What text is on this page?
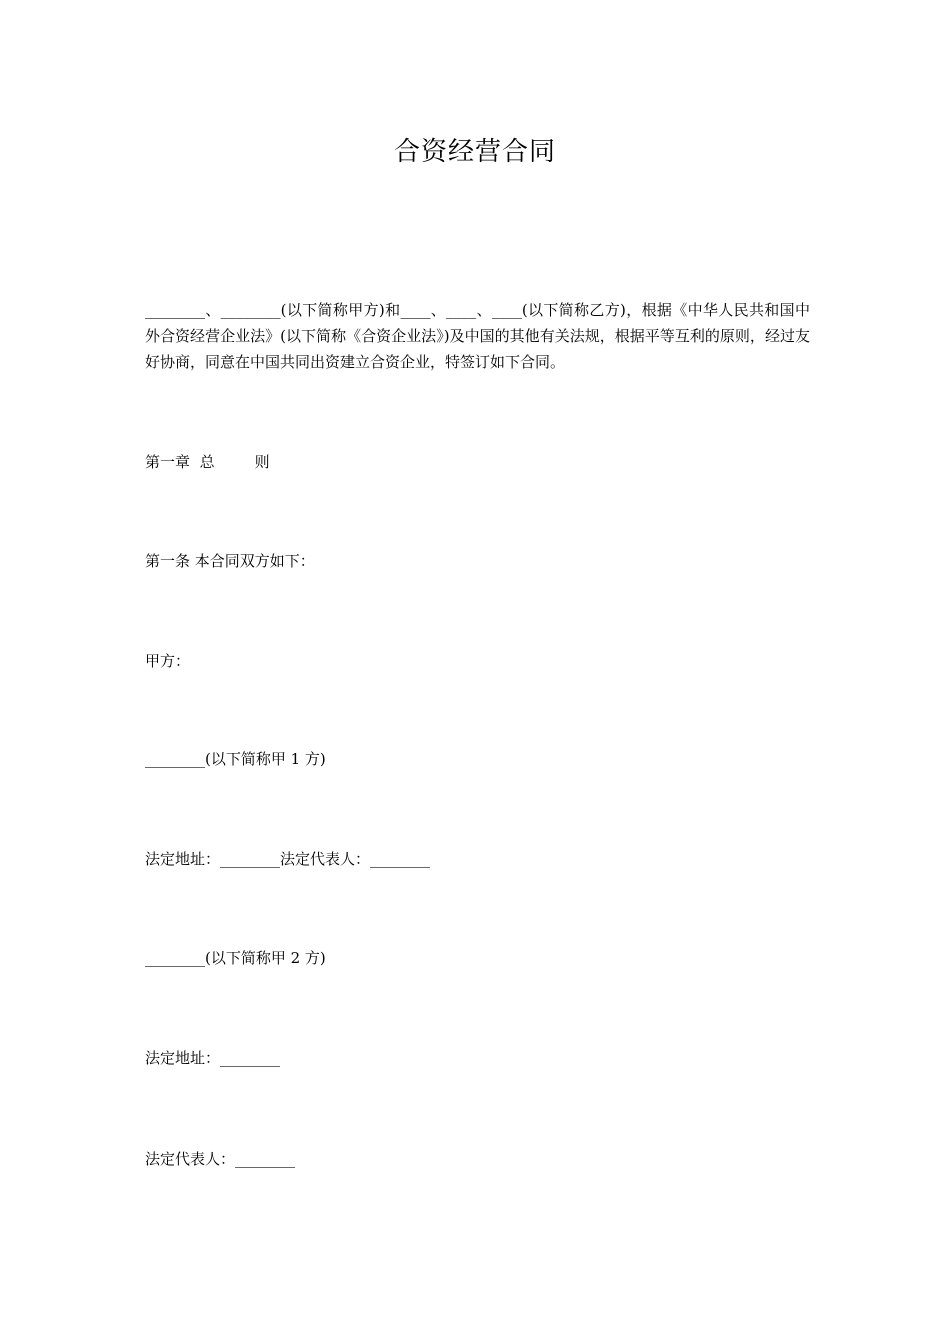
合资经营合同

________、________(以下简称甲方)和____、____、____(以下简称乙方)，根据《中华人民共和国中外合资经营企业法》(以下简称《合资企业法》)及中国的其他有关法规，根据平等互利的原则，经过友好协商，同意在中国共同出资建立合资企业，特签订如下合同。

第一章 总	则

第一条 本合同双方如下：

甲方：

________(以下简称甲 1 方)

法定地址：________法定代表人：________

________(以下简称甲 2 方)

法定地址：________

法定代表人：________
